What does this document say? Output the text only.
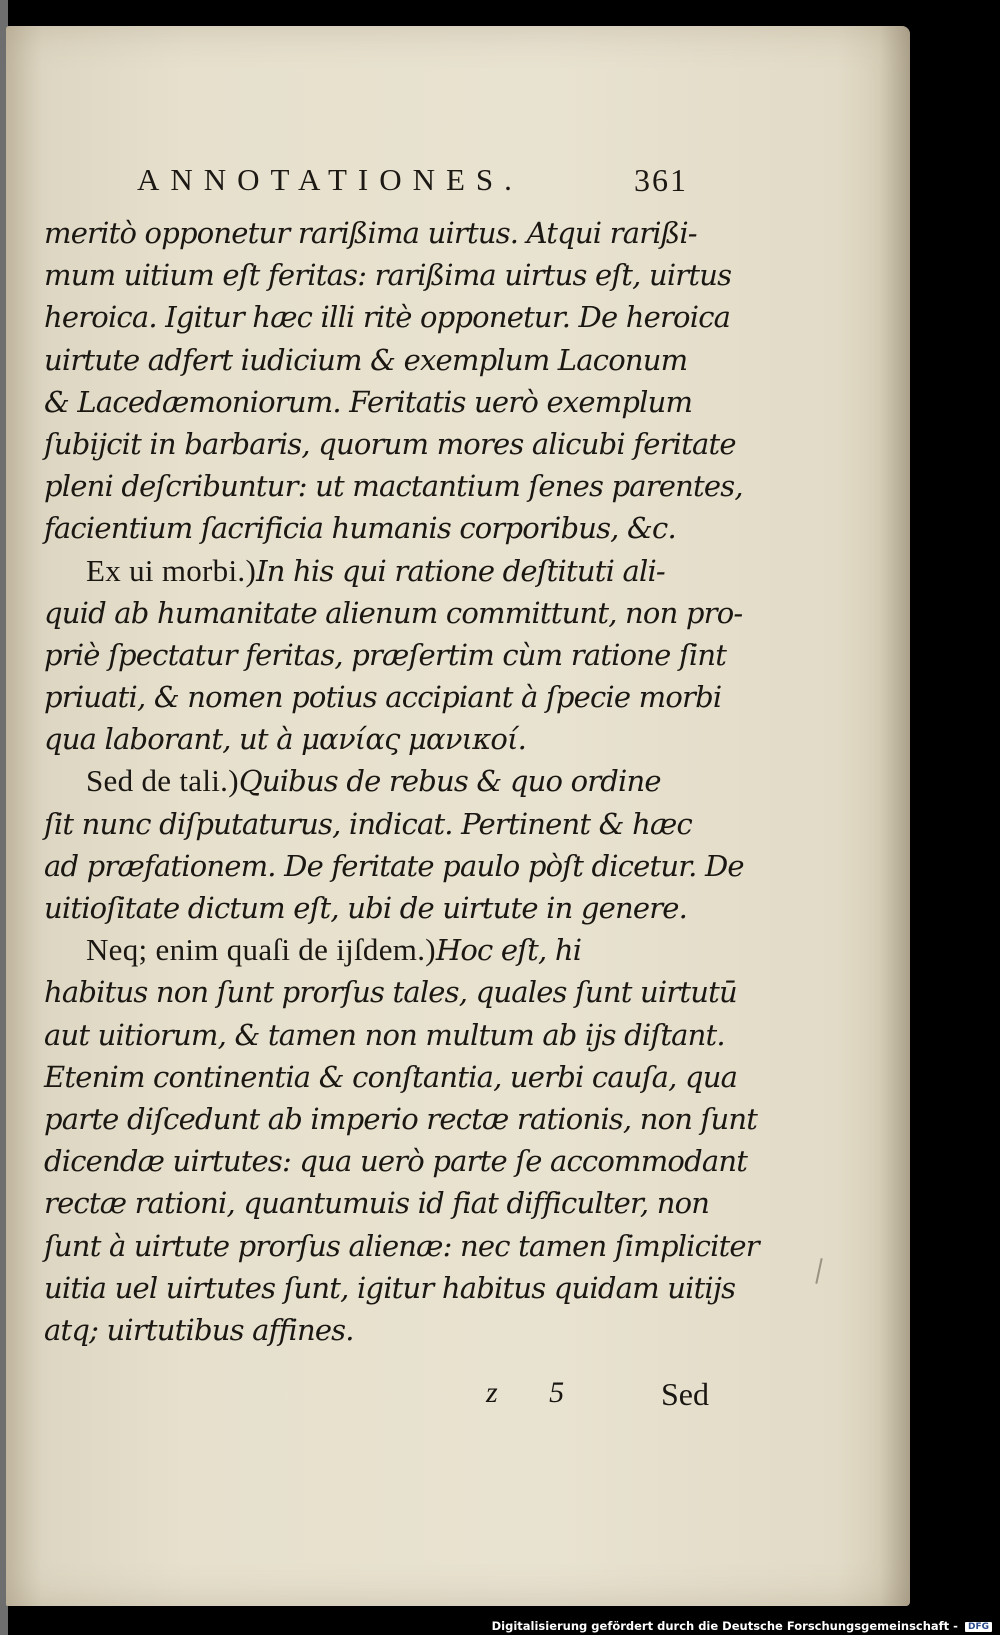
ANNOTATIONES.	361
meritò opponetur rarißima uirtus. Atqui rarißi-
mum uitium eſt feritas: rarißima uirtus eſt, uirtus
heroica. Igitur hæc illi ritè opponetur. De heroica
uirtute adfert iudicium & exemplum Laconum
& Lacedæmoniorum. Feritatis uerò exemplum
ſubijcit in barbaris, quorum mores alicubi feritate
pleni deſcribuntur: ut mactantium ſenes parentes,
facientium ſacrificia humanis corporibus, &c.
Ex ui morbi.)In his qui ratione deſtituti ali-
quid ab humanitate alienum committunt, non pro-
priè ſpectatur feritas, præſertim cùm ratione ſint
priuati, & nomen potius accipiant à ſpecie morbi
qua laborant, ut à μανίας μανικοί.
Sed de tali.)Quibus de rebus & quo ordine
ſit nunc diſputaturus, indicat. Pertinent & hæc
ad præfationem. De feritate paulo pòſt dicetur. De
uitioſitate dictum eſt, ubi de uirtute in genere.
Neq; enim quaſi de ijſdem.)Hoc eſt, hi
habitus non ſunt prorſus tales, quales ſunt uirtutū
aut uitiorum, & tamen non multum ab ijs diſtant.
Etenim continentia & conſtantia, uerbi cauſa, qua
parte diſcedunt ab imperio rectæ rationis, non ſunt
dicendæ uirtutes: qua uerò parte ſe accommodant
rectæ rationi, quantumuis id fiat difficulter, non
ſunt à uirtute prorſus alienæ: nec tamen ſimpliciter
uitia uel uirtutes ſunt, igitur habitus quidam uitijs
atq; uirtutibus affines.
z 5 Sed
Digitalisierung gefördert durch die Deutsche Forschungsgemeinschaft - DFG
